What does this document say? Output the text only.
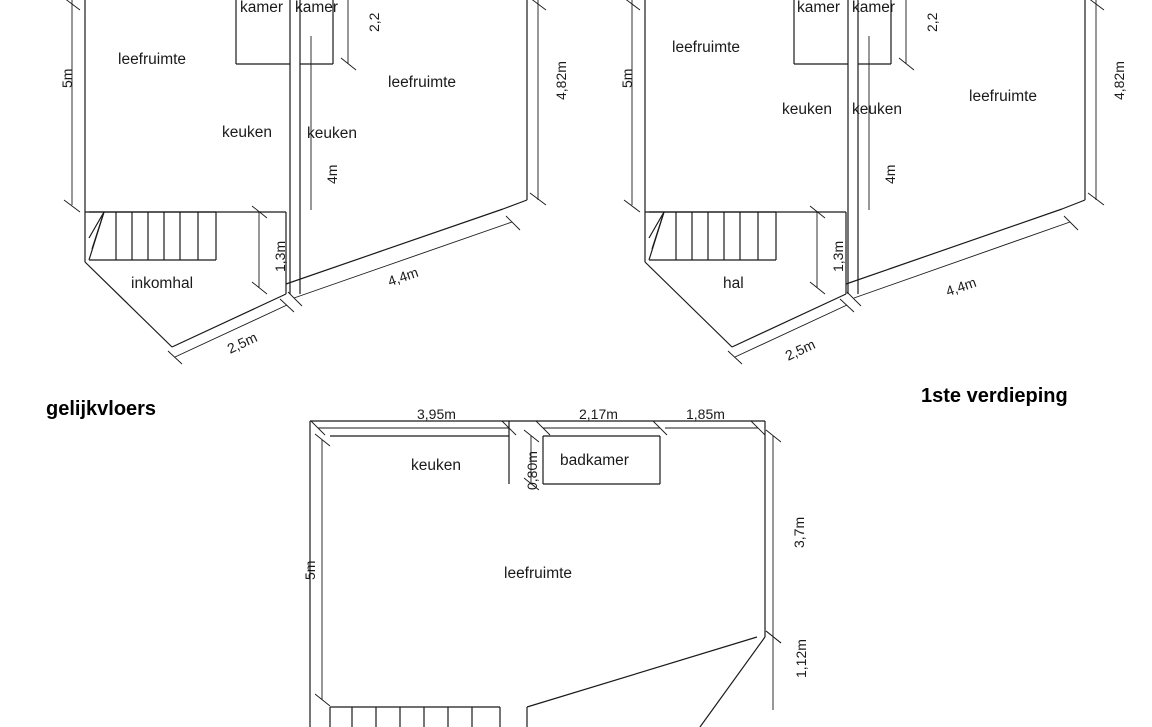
leefruimte
kamer kamer
leefruimte
keuken keuken
inkomhal
5m
2,2
4,82m
4m
1,3m
4,4m
2,5m
leefruimte
kamer kamer
leefruimte
keuken keuken
hal
5m
2,2
4,82m
4m
1,3m
4,4m
2,5m
keuken	badkamer
leefruimte
3,95m	2,17m	1,85m
0,80m
5m
3,7m
1,12m
gelijkvloers
1ste verdieping
